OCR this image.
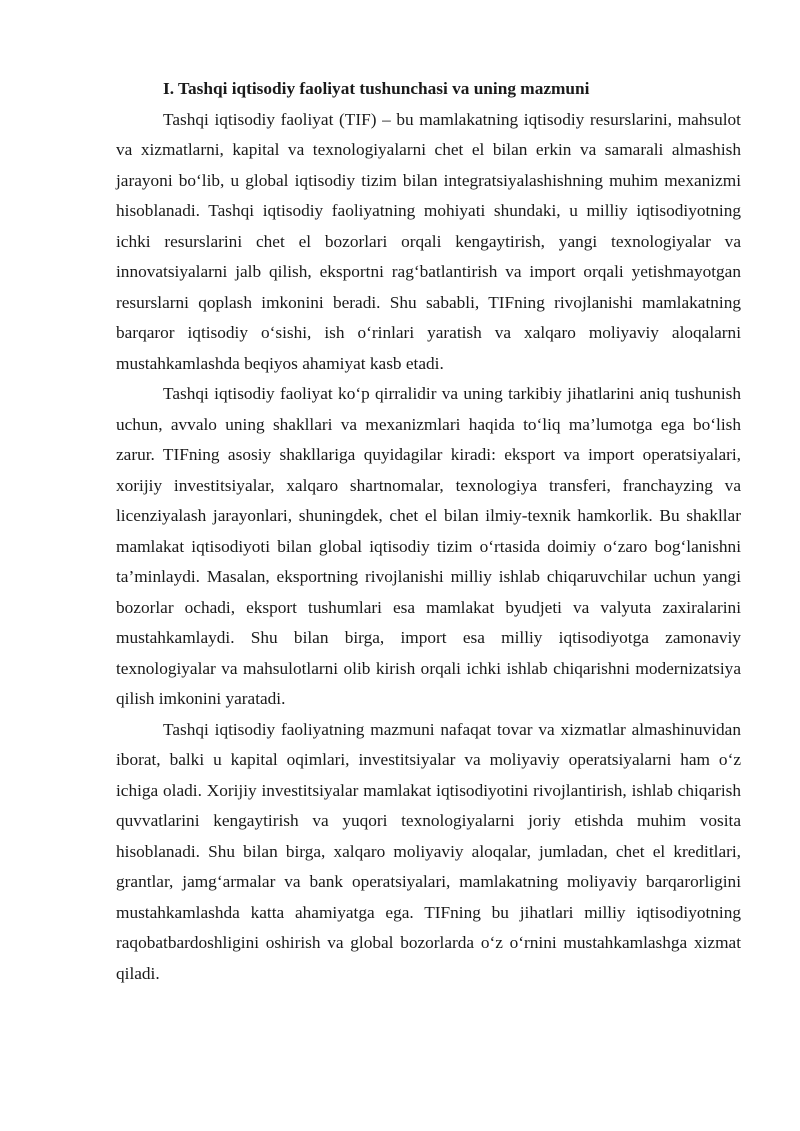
I. Tashqi iqtisodiy faoliyat tushunchasi va uning mazmuni

Tashqi iqtisodiy faoliyat (TIF) – bu mamlakatning iqtisodiy resurslarini, mahsulot va xizmatlarni, kapital va texnologiyalarni chet el bilan erkin va samarali almashish jarayoni bo‘lib, u global iqtisodiy tizim bilan integratsiyalashishning muhim mexanizmi hisoblanadi. Tashqi iqtisodiy faoliyatning mohiyati shundaki, u milliy iqtisodiyotning ichki resurslarini chet el bozorlari orqali kengaytirish, yangi texnologiyalar va innovatsiyalarni jalb qilish, eksportni rag‘batlantirish va import orqali yetishmayotgan resurslarni qoplash imkonini beradi. Shu sababli, TIFning rivojlanishi mamlakatning barqaror iqtisodiy o‘sishi, ish o‘rinlari yaratish va xalqaro moliyaviy aloqalarni mustahkamlashda beqiyos ahamiyat kasb etadi.

Tashqi iqtisodiy faoliyat ko‘p qirralidir va uning tarkibiy jihatlarini aniq tushunish uchun, avvalo uning shakllari va mexanizmlari haqida to‘liq ma’lumotga ega bo‘lish zarur. TIFning asosiy shakllariga quyidagilar kiradi: eksport va import operatsiyalari, xorijiy investitsiyalar, xalqaro shartnomalar, texnologiya transferi, franchayzing va licenziyalash jarayonlari, shuningdek, chet el bilan ilmiy-texnik hamkorlik. Bu shakllar mamlakat iqtisodiyoti bilan global iqtisodiy tizim o‘rtasida doimiy o‘zaro bog‘lanishni ta’minlaydi. Masalan, eksportning rivojlanishi milliy ishlab chiqaruvchilar uchun yangi bozorlar ochadi, eksport tushumlari esa mamlakat byudjeti va valyuta zaxiralarini mustahkamlaydi. Shu bilan birga, import esa milliy iqtisodiyotga zamonaviy texnologiyalar va mahsulotlarni olib kirish orqali ichki ishlab chiqarishni modernizatsiya qilish imkonini yaratadi.

Tashqi iqtisodiy faoliyatning mazmuni nafaqat tovar va xizmatlar almashinuvidan iborat, balki u kapital oqimlari, investitsiyalar va moliyaviy operatsiyalarni ham o‘z ichiga oladi. Xorijiy investitsiyalar mamlakat iqtisodiyotini rivojlantirish, ishlab chiqarish quvvatlarini kengaytirish va yuqori texnologiyalarni joriy etishda muhim vosita hisoblanadi. Shu bilan birga, xalqaro moliyaviy aloqalar, jumladan, chet el kreditlari, grantlar, jamg‘armalar va bank operatsiyalari, mamlakatning moliyaviy barqarorligini mustahkamlashda katta ahamiyatga ega. TIFning bu jihatlari milliy iqtisodiyotning raqobatbardoshligini oshirish va global bozorlarda o‘z o‘rnini mustahkamlashga xizmat qiladi.
